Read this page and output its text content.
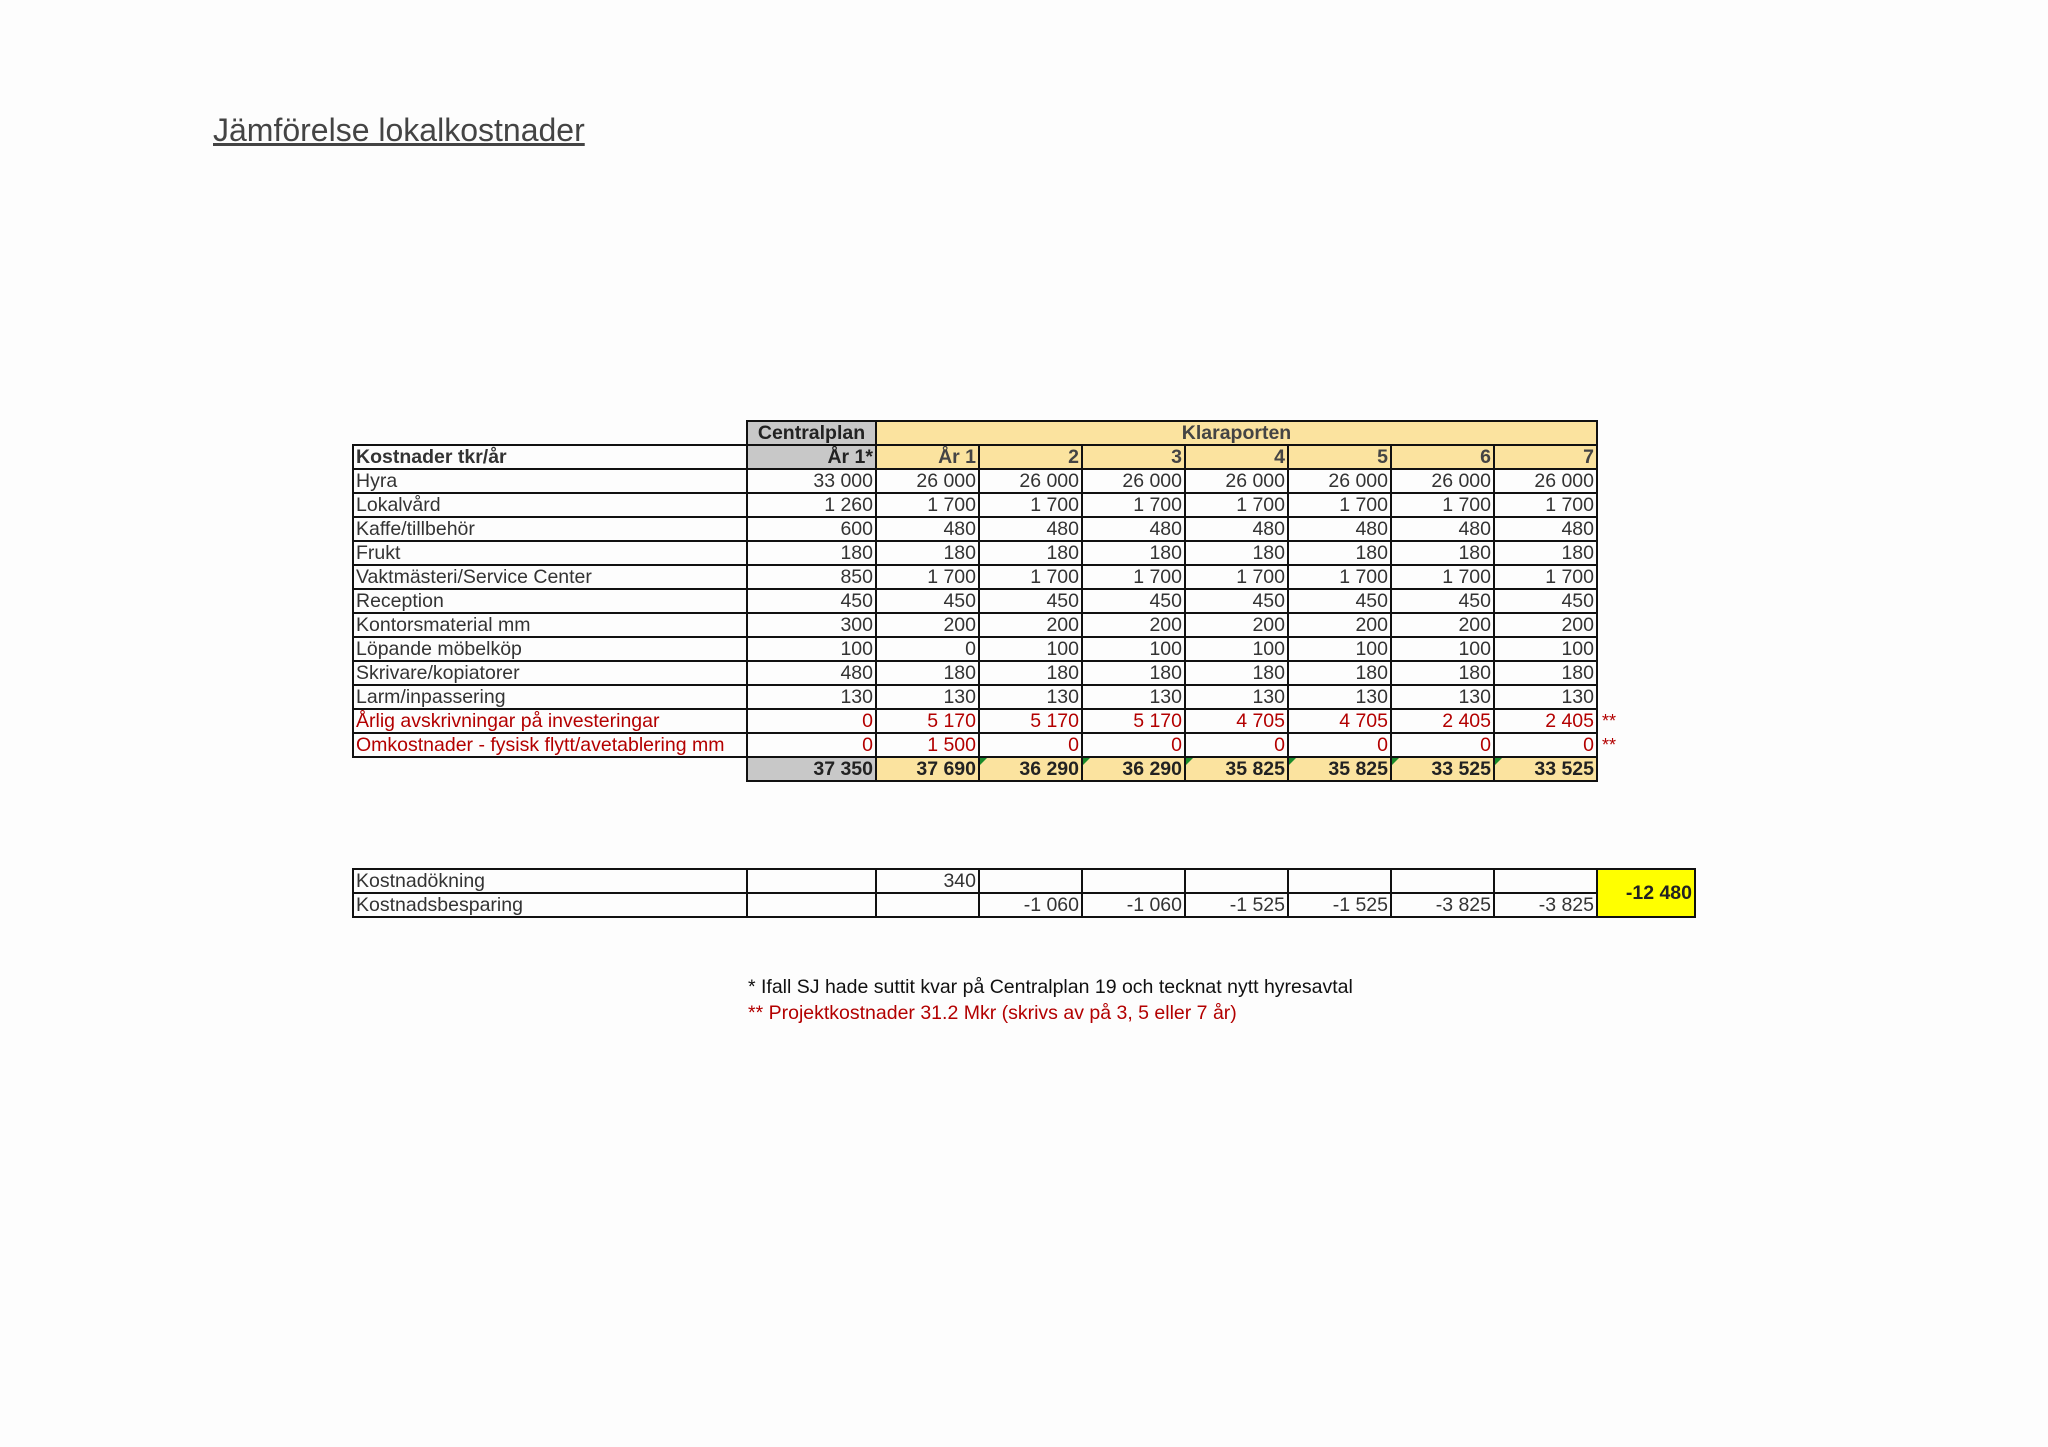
Jämförelse lokalkostnader
	Centralplan	Klaraporten							
Kostnader tkr/år	År 1*	År 1	2	3	4	5	6	7	
Hyra	33 000	26 000	26 000	26 000	26 000	26 000	26 000	26 000	
Lokalvård	1 260	1 700	1 700	1 700	1 700	1 700	1 700	1 700	
Kaffe/tillbehör	600	480	480	480	480	480	480	480	
Frukt	180	180	180	180	180	180	180	180	
Vaktmästeri/Service Center	850	1 700	1 700	1 700	1 700	1 700	1 700	1 700	
Reception	450	450	450	450	450	450	450	450	
Kontorsmaterial mm	300	200	200	200	200	200	200	200	
Löpande möbelköp	100	0	100	100	100	100	100	100	
Skrivare/kopiatorer	480	180	180	180	180	180	180	180	
Larm/inpassering	130	130	130	130	130	130	130	130	
Årlig avskrivningar på investeringar	0	5 170	5 170	5 170	4 705	4 705	2 405	2 405	**
Omkostnader - fysisk flytt/avetablering mm	0	1 500	0	0	0	0	0	0	**
	37 350	37 690	36 290	36 290	35 825	35 825	33 525	33 525	
Kostnadökning		340							-12 480
Kostnadsbesparing			-1 060	-1 060	-1 525	-1 525	-3 825	-3 825	

* Ifall SJ hade suttit kvar på Centralplan 19 och tecknat nytt hyresavtal

** Projektkostnader 31.2 Mkr (skrivs av på 3, 5 eller 7 år)
